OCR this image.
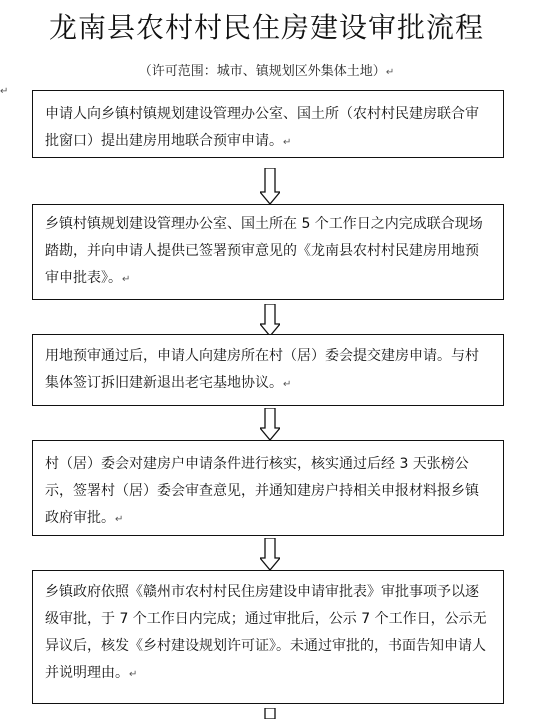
龙南县农村村民住房建设审批流程
（许可范围：城市、镇规划区外集体土地）↵
↵
申请人向乡镇村镇规划建设管理办公室、国土所（农村村民建房联合审批窗口）提出建房用地联合预审申请。↵
乡镇村镇规划建设管理办公室、国土所在 5 个工作日之内完成联合现场踏勘，并向申请人提供已签署预审意见的《龙南县农村村民建房用地预审申批表》。↵
用地预审通过后，申请人向建房所在村（居）委会提交建房申请。与村集体签订拆旧建新退出老宅基地协议。↵
村（居）委会对建房户申请条件进行核实，核实通过后经 3 天张榜公示，签署村（居）委会审查意见，并通知建房户持相关申报材料报乡镇政府审批。↵
乡镇政府依照《赣州市农村村民住房建设申请审批表》审批事项予以逐级审批，于 7 个工作日内完成；通过审批后，公示 7 个工作日，公示无异议后，核发《乡村建设规划许可证》。未通过审批的，书面告知申请人并说明理由。↵
